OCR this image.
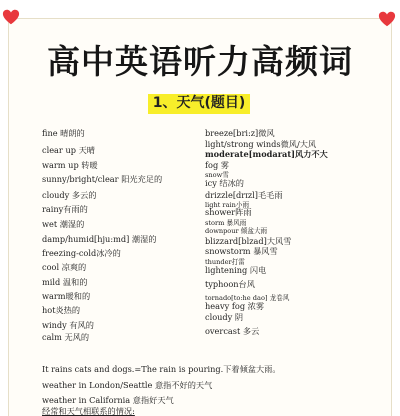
高中英语听力高频词
1、天气(题目)
fine 晴朗的
clear up 天晴
warm up 转暖
sunny/bright/clear 阳光充足的
cloudy 多云的
rainy有雨的
wet 潮湿的
damp/humid[hju:md] 潮湿的
freezing-cold冰冷的
cool 凉爽的
mild 温和的
warm暖和的
hot炎热的
windy 有风的
calm 无风的
breeze[bri:z]微风
light/strong winds微风/大风
moderate[modarat]风力不大
fog 雾
snow雪
icy 结冰的
drizzle[drɪzl]毛毛雨
light rain小雨
shower阵雨
storm 暴风雨
downpour 倾盆大雨
blizzard[blzad]大风雪
snowstorm 暴风雪
thunder打雷
lightening 闪电
typhoon台风
tornado[to:he dao] 龙卷风
heavy fog 浓雾
cloudy 阴
overcast 多云
It rains cats and dogs.=The rain is pouring.下着倾盆大雨。
weather in London/Seattle 意指不好的天气
weather in California 意指好天气
经常和天气相联系的情况:
